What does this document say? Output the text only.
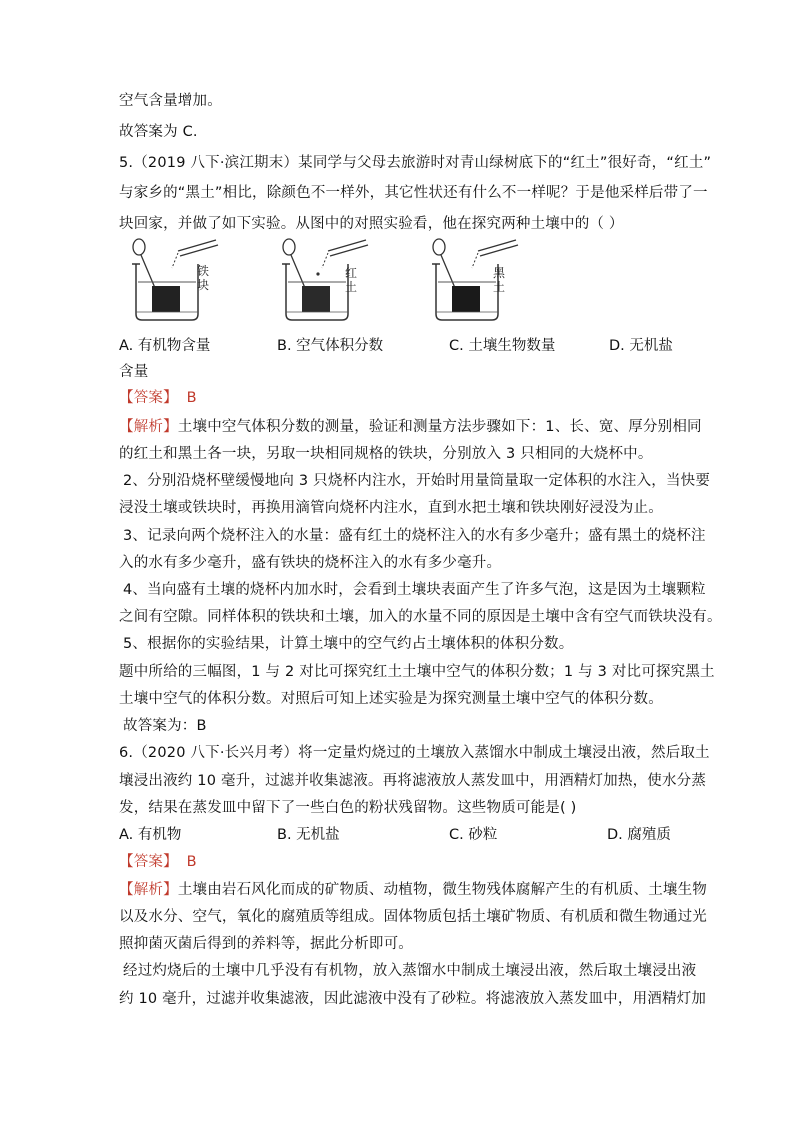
空气含量增加。
故答案为 C.
5.（2019 八下·滨江期末）某同学与父母去旅游时对青山绿树底下的“红土”很好奇，“红土”
与家乡的“黑土”相比，除颜色不一样外，其它性状还有什么不一样呢？于是他采样后带了一
块回家，并做了如下实验。从图中的对照实验看，他在探究两种土壤中的（ ）
铁块
红土
黑土
A. 有机物含量	B. 空气体积分数	C. 土壤生物数量	D. 无机盐
含量
【答案】 B
【解析】土壤中空气体积分数的测量，验证和测量方法步骤如下：1、长、宽、厚分别相同
的红土和黑土各一块，另取一块相同规格的铁块，分别放入 3 只相同的大烧杯中。
2、分别沿烧杯壁缓慢地向 3 只烧杯内注水，开始时用量筒量取一定体积的水注入，当快要
浸没土壤或铁块时，再换用滴管向烧杯内注水，直到水把土壤和铁块刚好浸没为止。
3、记录向两个烧杯注入的水量：盛有红土的烧杯注入的水有多少毫升；盛有黑土的烧杯注
入的水有多少毫升，盛有铁块的烧杯注入的水有多少毫升。
4、当向盛有土壤的烧杯内加水时，会看到土壤块表面产生了许多气泡，这是因为土壤颗粒
之间有空隙。同样体积的铁块和土壤，加入的水量不同的原因是土壤中含有空气而铁块没有。
5、根据你的实验结果，计算土壤中的空气约占土壤体积的体积分数。
题中所给的三幅图，1 与 2 对比可探究红土土壤中空气的体积分数；1 与 3 对比可探究黑土
土壤中空气的体积分数。对照后可知上述实验是为探究测量土壤中空气的体积分数。
故答案为：B
6.（2020 八下·长兴月考）将一定量灼烧过的土壤放入蒸馏水中制成土壤浸出液，然后取土
壤浸出液约 10 毫升，过滤并收集滤液。再将滤液放人蒸发皿中，用酒精灯加热，使水分蒸
发，结果在蒸发皿中留下了一些白色的粉状残留物。这些物质可能是( )
A. 有机物	B. 无机盐	C. 砂粒	D. 腐殖质
【答案】 B
【解析】土壤由岩石风化而成的矿物质、动植物，微生物残体腐解产生的有机质、土壤生物
以及水分、空气，氧化的腐殖质等组成。固体物质包括土壤矿物质、有机质和微生物通过光
照抑菌灭菌后得到的养料等，据此分析即可。
经过灼烧后的土壤中几乎没有有机物，放入蒸馏水中制成土壤浸出液，然后取土壤浸出液
约 10 毫升，过滤并收集滤液，因此滤液中没有了砂粒。将滤液放入蒸发皿中，用酒精灯加
